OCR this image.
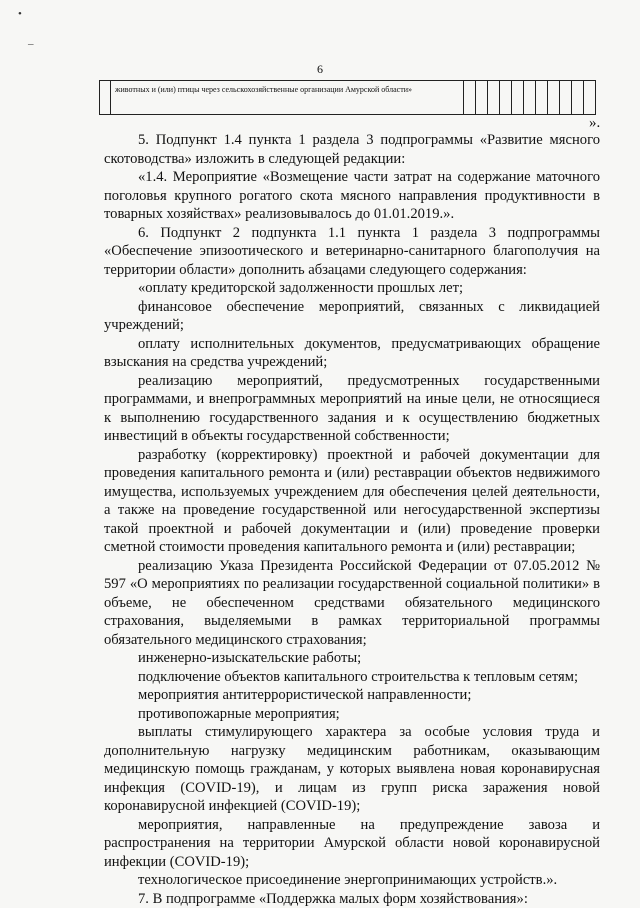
•
–
6
	животных и (или) птицы через сельскохозяйственные организации Амурской области»											
».

5. Подпункт 1.4 пункта 1 раздела 3 подпрограммы «Развитие мясного скотоводства» изложить в следующей редакции:

«1.4. Мероприятие «Возмещение части затрат на содержание маточного поголовья крупного рогатого скота мясного направления продуктивности в товарных хозяйствах» реализовывалось до 01.01.2019.».

6. Подпункт 2 подпункта 1.1 пункта 1 раздела 3 подпрограммы «Обеспечение эпизоотического и ветеринарно-санитарного благополучия на территории области» дополнить абзацами следующего содержания:

«оплату кредиторской задолженности прошлых лет;

финансовое обеспечение мероприятий, связанных с ликвидацией учреждений;

оплату исполнительных документов, предусматривающих обращение взыскания на средства учреждений;

реализацию мероприятий, предусмотренных государственными программами, и внепрограммных мероприятий на иные цели, не относящиеся к выполнению государственного задания и к осуществлению бюджетных инвестиций в объекты государственной собственности;

разработку (корректировку) проектной и рабочей документации для проведения капитального ремонта и (или) реставрации объектов недвижимого имущества, используемых учреждением для обеспечения целей деятельности, а также на проведение государственной или негосударственной экспертизы такой проектной и рабочей документации и (или) проведение проверки сметной стоимости проведения капитального ремонта и (или) реставрации;

реализацию Указа Президента Российской Федерации от 07.05.2012 № 597 «О мероприятиях по реализации государственной социальной политики» в объеме, не обеспеченном средствами обязательного медицинского страхования, выделяемыми в рамках территориальной программы обязательного медицинского страхования;

инженерно-изыскательские работы;

подключение объектов капитального строительства к тепловым сетям;

мероприятия антитеррористической направленности;

противопожарные мероприятия;

выплаты стимулирующего характера за особые условия труда и дополнительную нагрузку медицинским работникам, оказывающим медицинскую помощь гражданам, у которых выявлена новая коронавирусная инфекция (COVID-19), и лицам из групп риска заражения новой коронавирусной инфекцией (COVID-19);

мероприятия, направленные на предупреждение завоза и распространения на территории Амурской области новой коронавирусной инфекции (COVID-19);

технологическое присоединение энергопринимающих устройств.».

7. В подпрограмме «Поддержка малых форм хозяйствования»:
